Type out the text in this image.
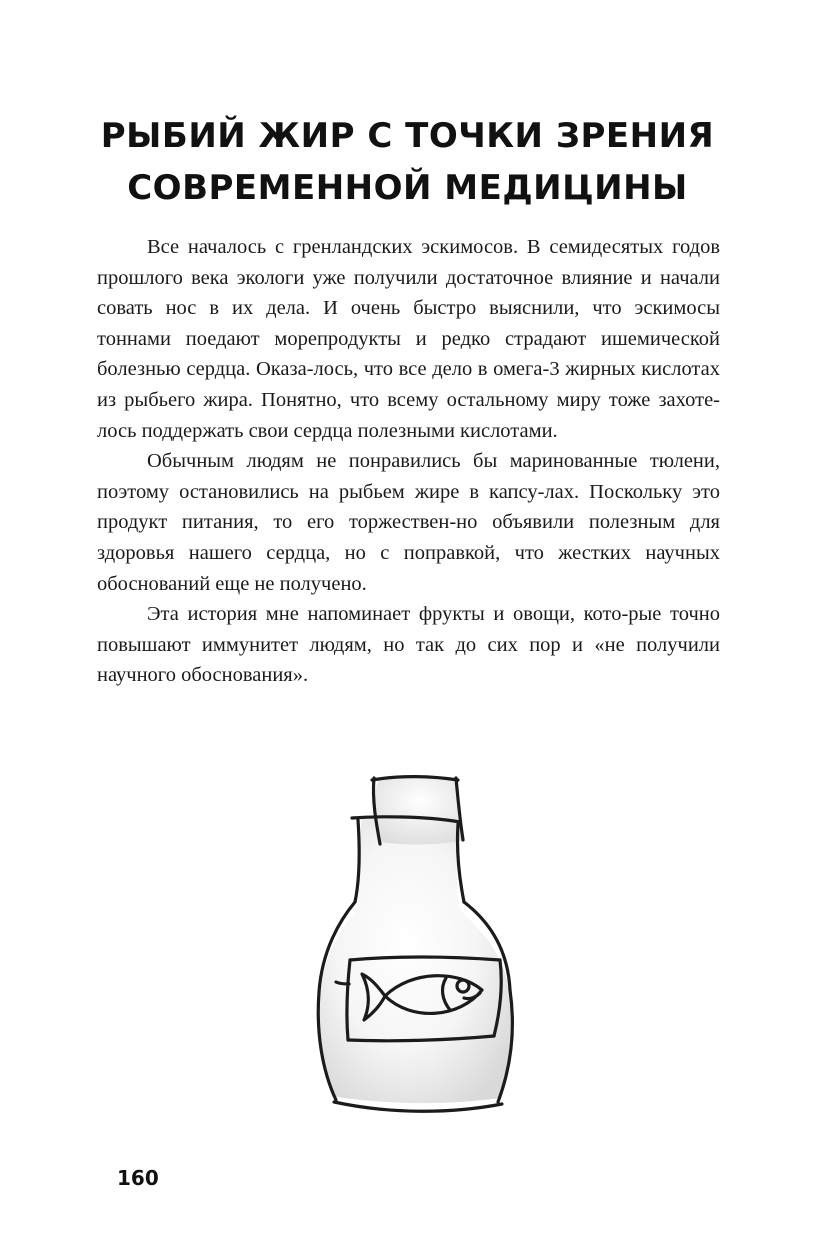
РЫБИЙ ЖИР С ТОЧКИ ЗРЕНИЯ
СОВРЕМЕННОЙ МЕДИЦИНЫ

Все началось с гренландских эскимосов. В семидесятых годов прошлого века экологи уже получили достаточное влияние и начали совать нос в их дела. И очень быстро выяснили, что эскимосы тоннами поедают морепродукты и редко страдают ишемической болезнью сердца. Оказа-лось, что все дело в омега-3 жирных кислотах из рыбьего жира. Понятно, что всему остальному миру тоже захоте-лось поддержать свои сердца полезными кислотами.

Обычным людям не понравились бы маринованные тюлени, поэтому остановились на рыбьем жире в капсу-лах. Поскольку это продукт питания, то его торжествен-но объявили полезным для здоровья нашего сердца, но с поправкой, что жестких научных обоснований еще не получено.

Эта история мне напоминает фрукты и овощи, кото-рые точно повышают иммунитет людям, но так до сих пор и «не получили научного обоснования».

160
